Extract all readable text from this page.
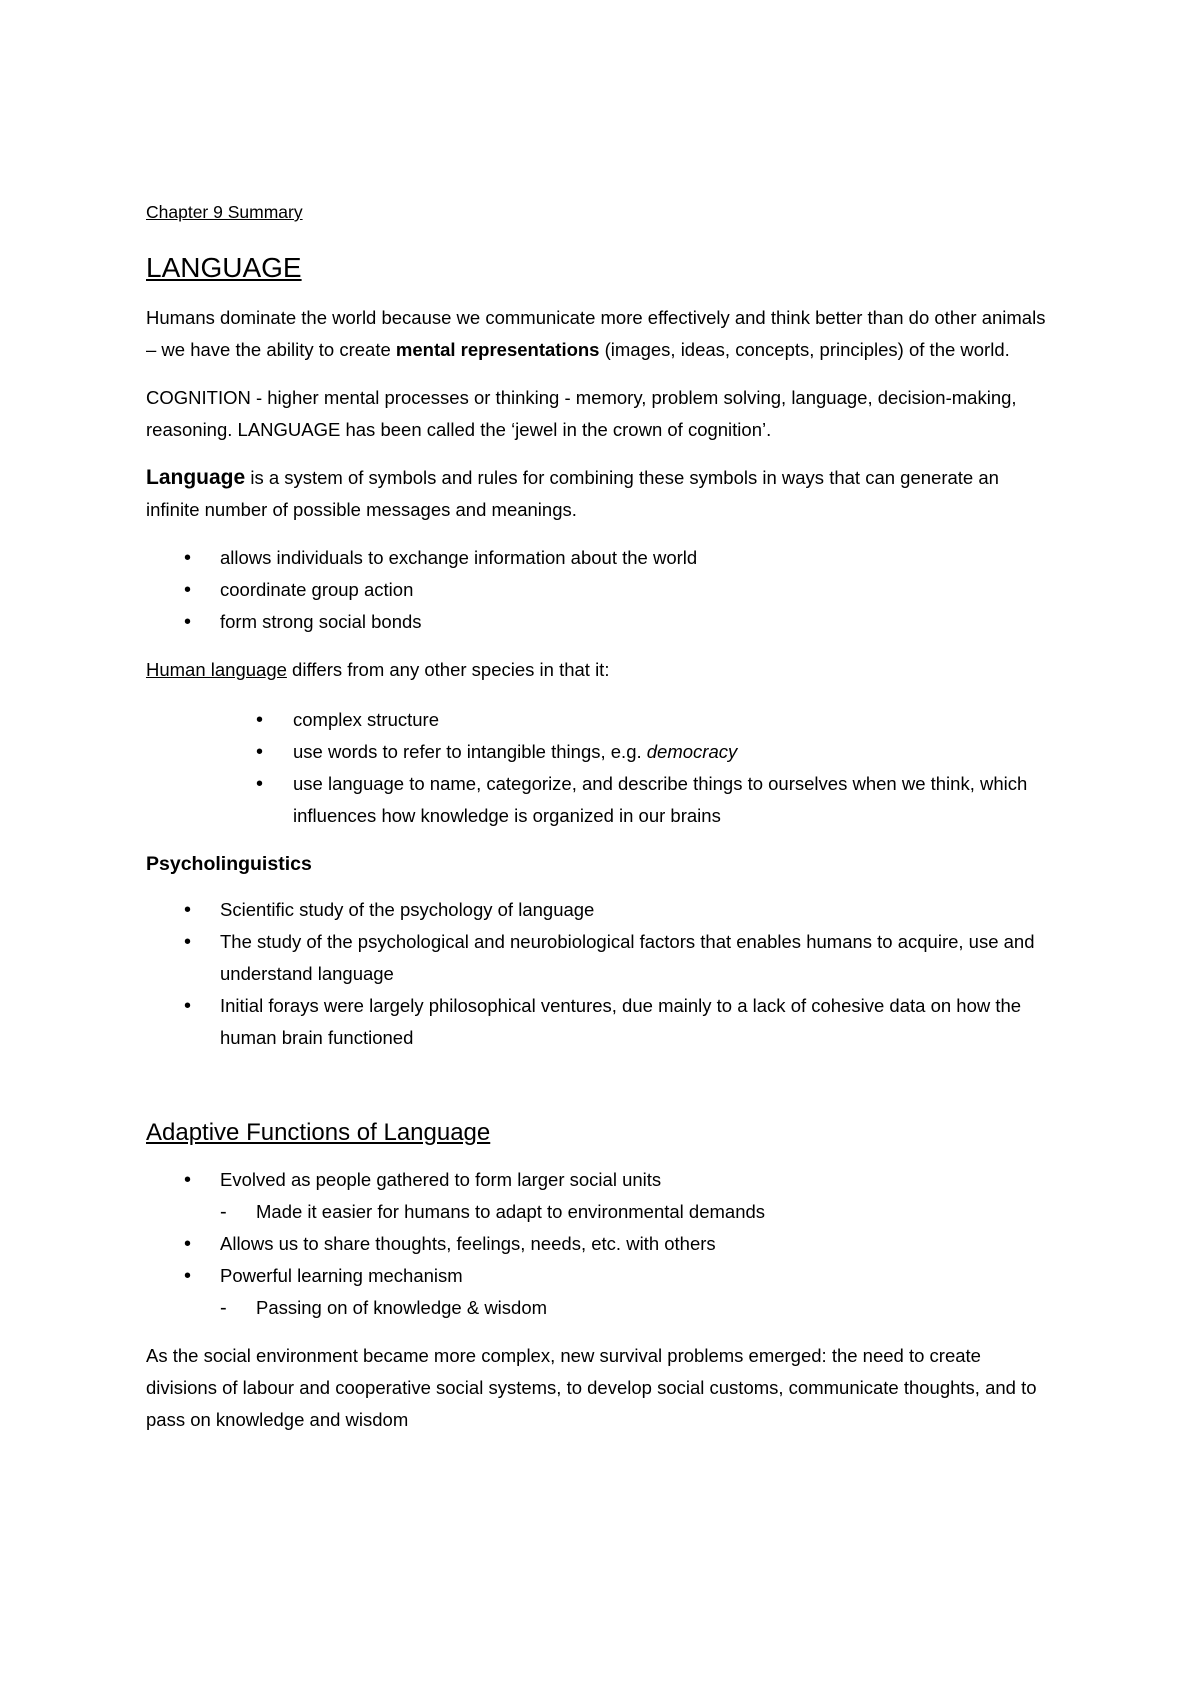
Chapter 9 Summary

LANGUAGE

Humans dominate the world because we communicate more effectively and think better than do other animals – we have the ability to create mental representations (images, ideas, concepts, principles) of the world.

COGNITION - higher mental processes or thinking - memory, problem solving, language, decision-making, reasoning. LANGUAGE has been called the ‘jewel in the crown of cognition’.

Language is a system of symbols and rules for combining these symbols in ways that can generate an infinite number of possible messages and meanings.

• allows individuals to exchange information about the world
• coordinate group action
• form strong social bonds

Human language differs from any other species in that it:

• complex structure
• use words to refer to intangible things, e.g. democracy
• use language to name, categorize, and describe things to ourselves when we think, which influences how knowledge is organized in our brains

Psycholinguistics

• Scientific study of the psychology of language
• The study of the psychological and neurobiological factors that enables humans to acquire, use and understand language
• Initial forays were largely philosophical ventures, due mainly to a lack of cohesive data on how the human brain functioned
Adaptive Functions of Language
• Evolved as people gathered to form larger social units
- Made it easier for humans to adapt to environmental demands
• Allows us to share thoughts, feelings, needs, etc. with others
• Powerful learning mechanism
- Passing on of knowledge & wisdom

As the social environment became more complex, new survival problems emerged: the need to create divisions of labour and cooperative social systems, to develop social customs, communicate thoughts, and to pass on knowledge and wisdom
